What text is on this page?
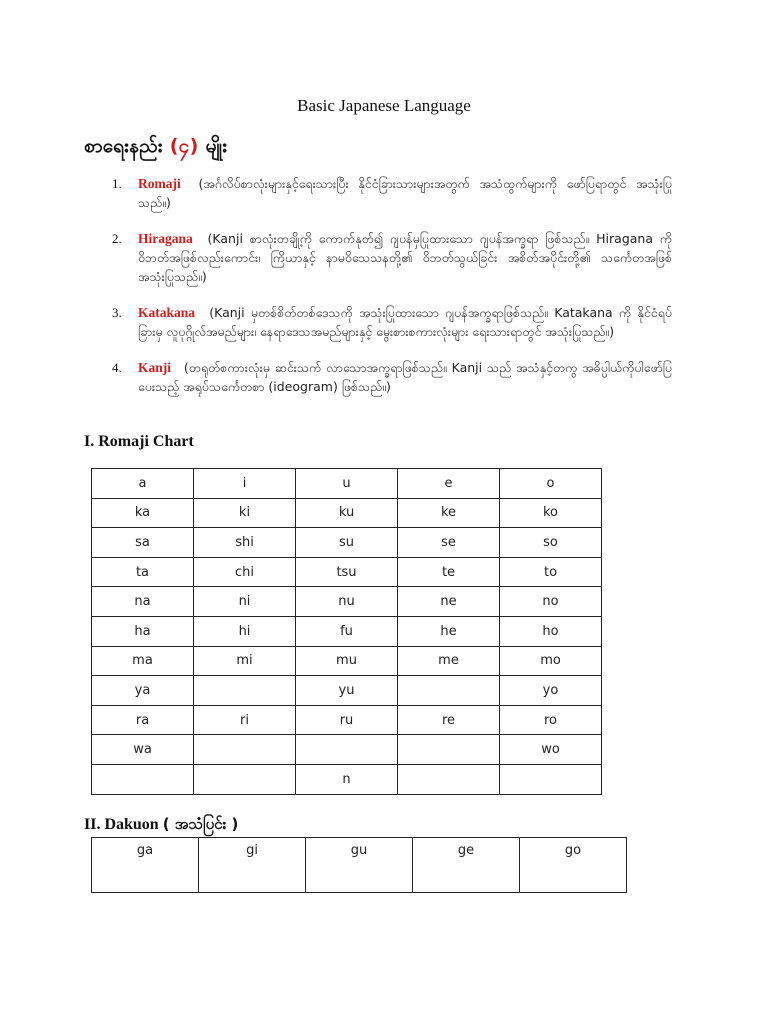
Basic Japanese Language
စာရေးနည်း (၄) မျိုး
1. Romaji (အင်္ဂလိပ်စာလုံးများနှင့်ရေးသားပြီး နိုင်ငံခြားသားများအတွက် အသံထွက်များကို ဖော်ပြရာတွင် အသုံးပြုသည်။)
2. Hiragana (Kanji စာလုံးတချို့ကို ကောက်နုတ်၍ ဂျပန်မှပြုထားသော ဂျပန်အက္ခရာ ဖြစ်သည်။ Hiragana ကို ဝိဘတ်အဖြစ်လည်းကောင်း၊ ကြိယာနှင့် နာမဝိသေသနတို့၏ ဝိဘတ်သွယ်ခြင်း အစိတ်အပိုင်းတို့၏ သင်္ကေတအဖြစ်အသုံးပြုသည်။)
3. Katakana (Kanji မှတစ်စိတ်တစ်ဒေသကို အသုံးပြုထားသော ဂျပန်အက္ခရာဖြစ်သည်။ Katakana ကို နိုင်ငံရပ်ခြားမှ လူပုဂ္ဂိုလ်အမည်များ၊ နေရာဒေသအမည်များနှင့် မွေးစားစကားလုံးများ ရေးသားရာတွင် အသုံးပြုသည်။)
4. Kanji (တရုတ်စကားလုံးမှ ဆင်းသက် လာသောအက္ခရာဖြစ်သည်။ Kanji သည် အသံနှင့်တကွ အဓိပ္ပါယ်ကိုပါဖော်ပြပေးသည့် အရုပ်သင်္ကေတစာ (ideogram) ဖြစ်သည်။)
I. Romaji Chart
a	i	u	e	o
ka	ki	ku	ke	ko
sa	shi	su	se	so
ta	chi	tsu	te	to
na	ni	nu	ne	no
ha	hi	fu	he	ho
ma	mi	mu	me	mo
ya		yu		yo
ra	ri	ru	re	ro
wa				wo
		n		
II. Dakuon ( အသံပြင်း )
ga	gi	gu	ge	go
